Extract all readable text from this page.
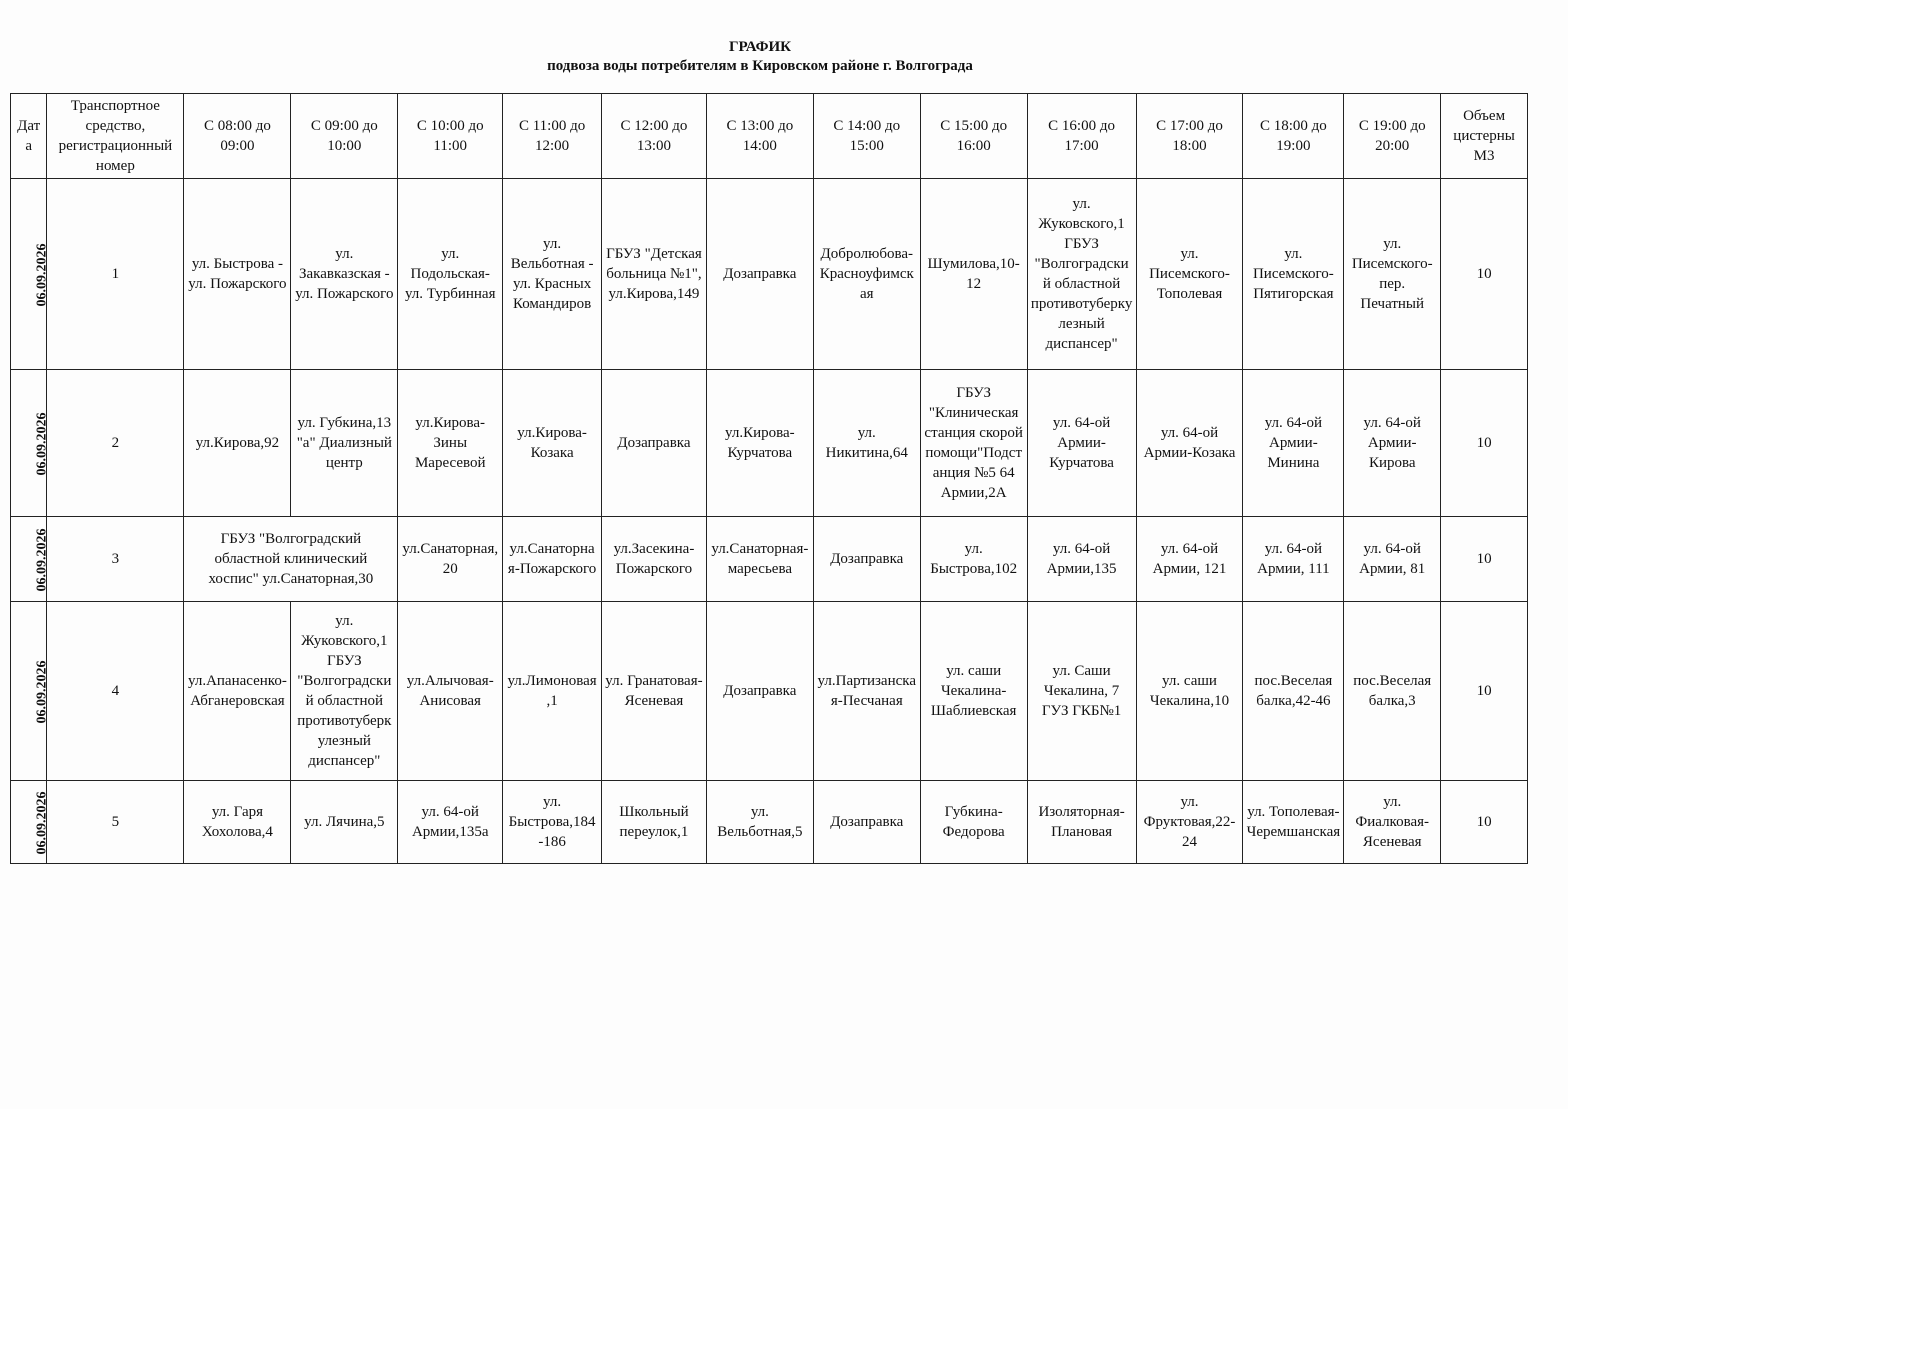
ГРАФИК
подвоза воды потребителям в Кировском районе г. Волгограда
Дата	Транспортное средство, регистрационный номер	С 08:00 до 09:00	С 09:00 до 10:00	С 10:00 до 11:00	С 11:00 до 12:00	С 12:00 до 13:00	С 13:00 до 14:00	С 14:00 до 15:00	С 15:00 до 16:00	С 16:00 до 17:00	С 17:00 до 18:00	С 18:00 до 19:00	С 19:00 до 20:00	Объем цистерны М3
06.09.2026	1	ул. Быстрова - ул. Пожарского	ул. Закавказская - ул. Пожарского	ул. Подольская- ул. Турбинная	ул. Вельботная - ул. Красных Командиров	ГБУЗ "Детская больница №1", ул.Кирова,149	Дозаправка	Добролюбова-Красноуфимская	Шумилова,10-12	ул. Жуковского,1 ГБУЗ "Волгоградский областной противотуберкулезный диспансер"	ул. Писемского-Тополевая	ул. Писемского-Пятигорская	ул. Писемского-пер. Печатный	10
06.09.2026	2	ул.Кирова,92	ул. Губкина,13 "а" Диализный центр	ул.Кирова-Зины Маресевой	ул.Кирова-Козака	Дозаправка	ул.Кирова-Курчатова	ул. Никитина,64	ГБУЗ "Клиническая станция скорой помощи"Подстанция №5 64 Армии,2А	ул. 64-ой Армии-Курчатова	ул. 64-ой Армии-Козака	ул. 64-ой Армии-Минина	ул. 64-ой Армии-Кирова	10
06.09.2026	3	ГБУЗ "Волгоградский областной клинический хоспис" ул.Санаторная,30		ул.Санаторная,20	ул.Санаторная-Пожарского	ул.Засекина-Пожарского	ул.Санаторная-маресьева	Дозаправка	ул. Быстрова,102	ул. 64-ой Армии,135	ул. 64-ой Армии, 121	ул. 64-ой Армии, 111	ул. 64-ой Армии, 81	10
06.09.2026	4	ул.Апанасенко-Абганеровская	ул. Жуковского,1 ГБУЗ "Волгоградский областной противотуберкулезный диспансер"	ул.Алычовая-Анисовая	ул.Лимоновая,1	ул. Гранатовая-Ясеневая	Дозаправка	ул.Партизанская-Песчаная	ул. саши Чекалина-Шаблиевская	ул. Саши Чекалина, 7 ГУЗ ГКБ№1	ул. саши Чекалина,10	пос.Веселая балка,42-46	пос.Веселая балка,3	10
06.09.2026	5	ул. Гаря Хохолова,4	ул. Лячина,5	ул. 64-ой Армии,135а	ул. Быстрова,184-186	Школьный переулок,1	ул. Вельботная,5	Дозаправка	Губкина-Федорова	Изоляторная-Плановая	ул. Фруктовая,22-24	ул. Тополевая-Черемшанская	ул. Фиалковая-Ясеневая	10
